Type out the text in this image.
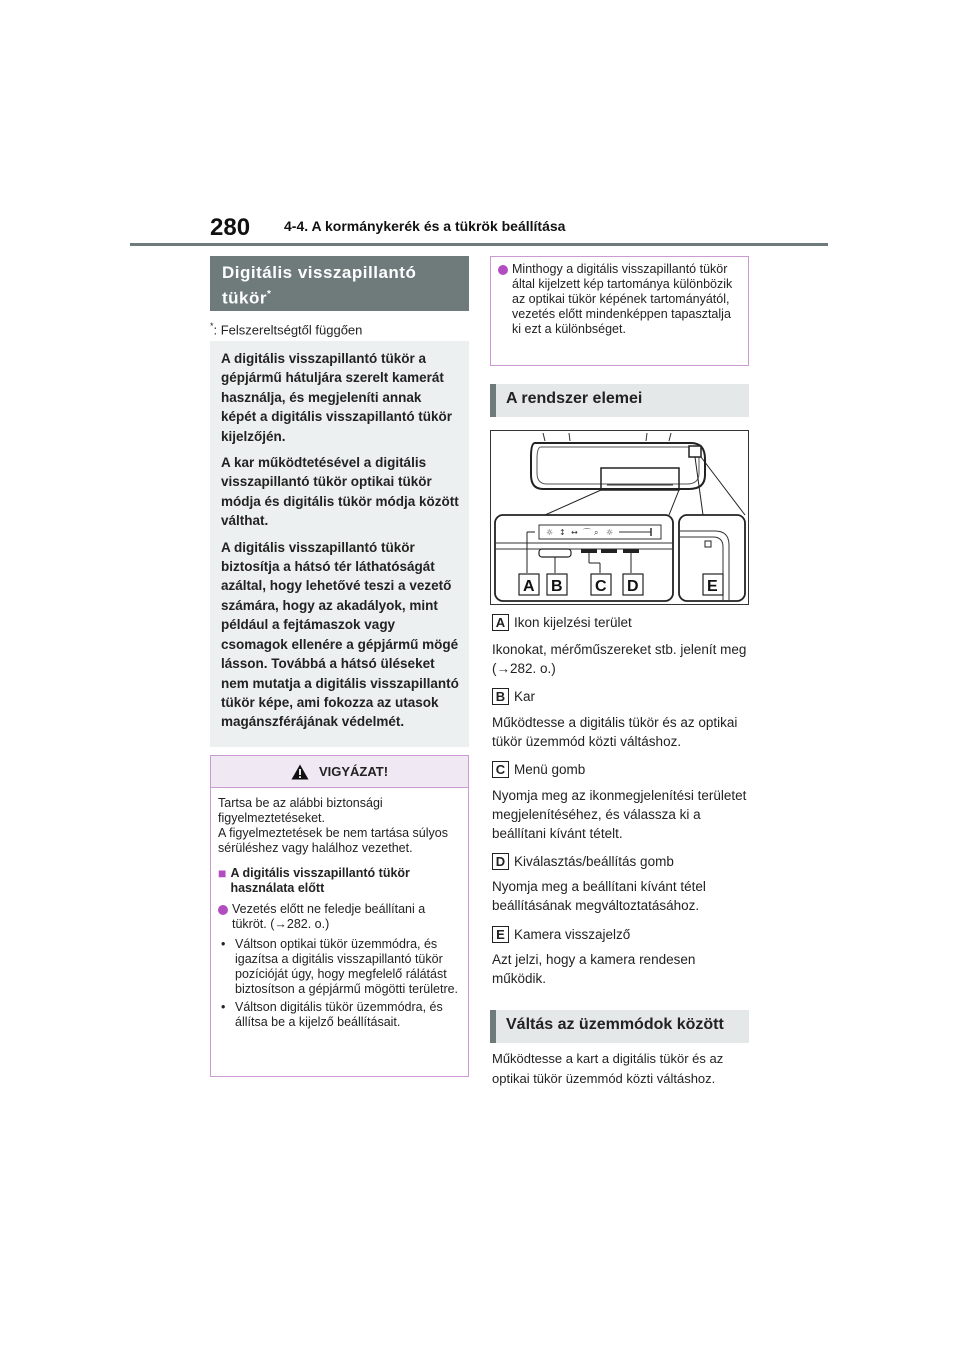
280 4-4. A kormánykerék és a tükrök beállítása
Digitális visszapillantó
tükör*
*: Felszereltségtől függően

A digitális visszapillantó tükör a gépjármű hátuljára szerelt kamerát használja, és megjeleníti annak képét a digitális visszapillantó tükör kijelzőjén.

A kar működtetésével a digitális visszapillantó tükör optikai tükör módja és digitális tükör módja között válthat.

A digitális visszapillantó tükör biztosítja a hátsó tér láthatóságát azáltal, hogy lehetővé teszi a vezető számára, hogy az akadályok, mint például a fejtámaszok vagy csomagok ellenére a gépjármű mögé lásson. Továbbá a hátsó üléseket nem mutatja a digitális visszapillantó tükör képe, ami fokozza az utasok magánszférájának védelmét.

VIGYÁZAT!

Tartsa be az alábbi biztonsági figyelmeztetéseket.
A figyelmeztetések be nem tartása súlyos sérüléshez vagy halálhoz vezethet.

■ A digitális visszapillantó tükör használata előtt
Vezetés előtt ne feledje beállítani a tükröt. (→282. o.)
• Váltson optikai tükör üzemmódra, és igazítsa a digitális visszapillantó tükör pozícióját úgy, hogy megfelelő rálátást biztosítson a gépjármű mögötti területre.
• Váltson digitális tükör üzemmódra, és állítsa be a kijelző beállításait.
Minthogy a digitális visszapillantó tükör által kijelzett kép tartománya különbözik az optikai tükör képének tartományától, vezetés előtt mindenképpen tapasztalja ki ezt a különbséget.
A rendszer elemei
☼ ↕ ↔ ⌒ ⌕ ☼
A B C D	E
A Ikon kijelzési terület
Ikonokat, mérőműszereket stb. jelenít meg (→282. o.)
B Kar
Működtesse a digitális tükör és az optikai tükör üzemmód közti váltáshoz.
C Menü gomb
Nyomja meg az ikonmegjelenítési területet megjelenítéséhez, és válassza ki a beállítani kívánt tételt.
D Kiválasztás/beállítás gomb
Nyomja meg a beállítani kívánt tétel beállításának megváltoztatásához.
E Kamera visszajelző
Azt jelzi, hogy a kamera rendesen működik.
Váltás az üzemmódok között
Működtesse a kart a digitális tükör és az optikai tükör üzemmód közti váltáshoz.
